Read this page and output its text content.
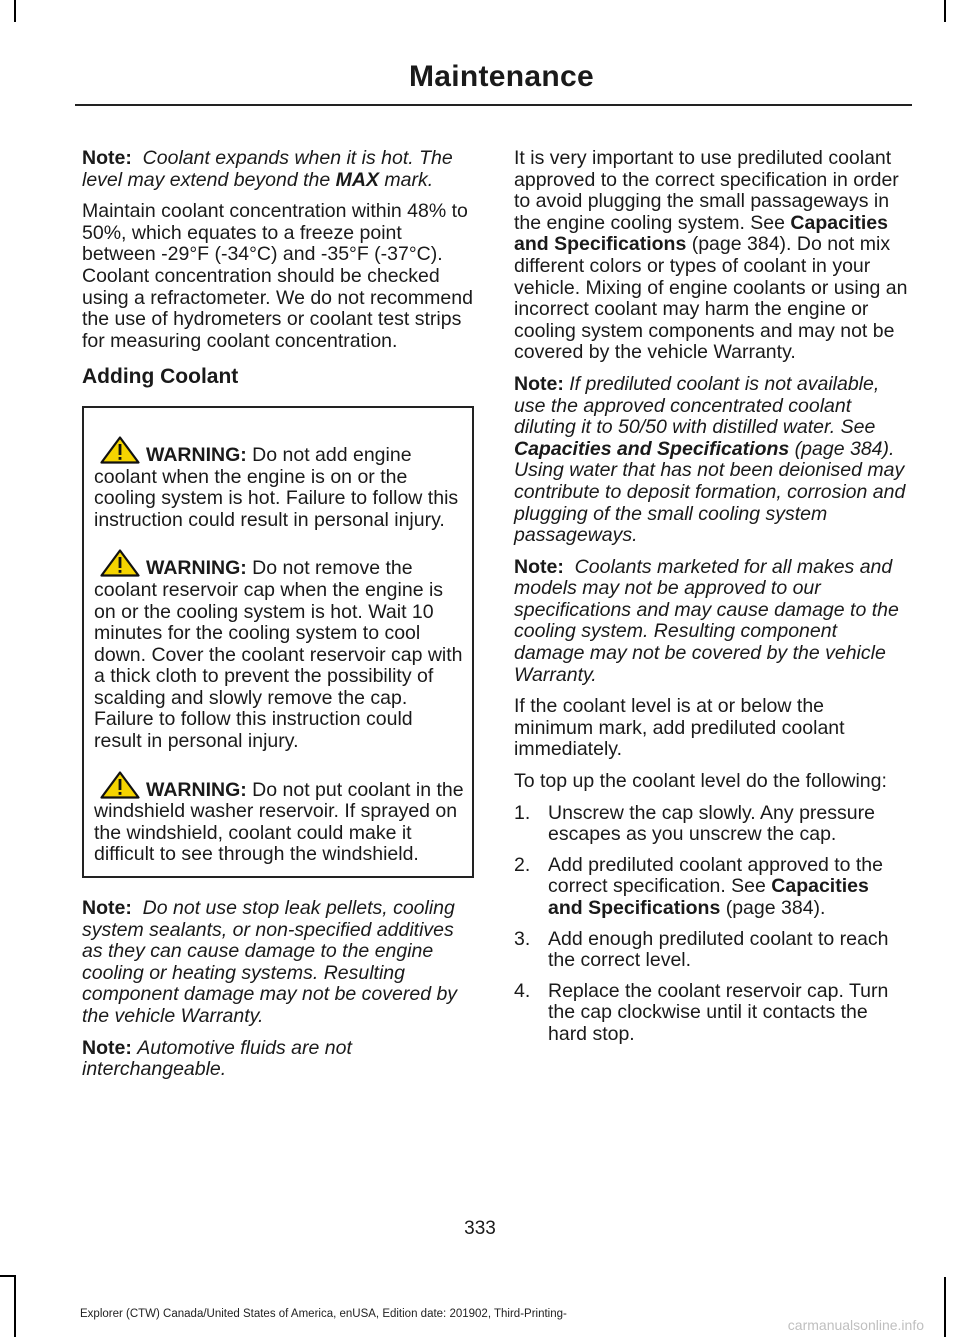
Maintenance

Note: Coolant expands when it is hot. The level may extend beyond the MAX mark.

Maintain coolant concentration within 48% to 50%, which equates to a freeze point between -29°F (-34°C) and -35°F (-37°C). Coolant concentration should be checked using a refractometer. We do not recommend the use of hydrometers or coolant test strips for measuring coolant concentration.

Adding Coolant

WARNING: Do not add engine coolant when the engine is on or the cooling system is hot. Failure to follow this instruction could result in personal injury.

WARNING: Do not remove the coolant reservoir cap when the engine is on or the cooling system is hot. Wait 10 minutes for the cooling system to cool down. Cover the coolant reservoir cap with a thick cloth to prevent the possibility of scalding and slowly remove the cap. Failure to follow this instruction could result in personal injury.

WARNING: Do not put coolant in the windshield washer reservoir. If sprayed on the windshield, coolant could make it difficult to see through the windshield.

Note: Do not use stop leak pellets, cooling system sealants, or non-specified additives as they can cause damage to the engine cooling or heating systems. Resulting component damage may not be covered by the vehicle Warranty.

Note: Automotive fluids are not interchangeable.

It is very important to use prediluted coolant approved to the correct specification in order to avoid plugging the small passageways in the engine cooling system. See Capacities and Specifications (page 384). Do not mix different colors or types of coolant in your vehicle. Mixing of engine coolants or using an incorrect coolant may harm the engine or cooling system components and may not be covered by the vehicle Warranty.

Note: If prediluted coolant is not available, use the approved concentrated coolant diluting it to 50/50 with distilled water. See Capacities and Specifications (page 384). Using water that has not been deionised may contribute to deposit formation, corrosion and plugging of the small cooling system passageways.

Note: Coolants marketed for all makes and models may not be approved to our specifications and may cause damage to the cooling system. Resulting component damage may not be covered by the vehicle Warranty.

If the coolant level is at or below the minimum mark, add prediluted coolant immediately.

To top up the coolant level do the following:

1. Unscrew the cap slowly. Any pressure escapes as you unscrew the cap.
2. Add prediluted coolant approved to the correct specification. See Capacities and Specifications (page 384).
3. Add enough prediluted coolant to reach the correct level.
4. Replace the coolant reservoir cap. Turn the cap clockwise until it contacts the hard stop.
333
Explorer (CTW) Canada/United States of America, enUSA, Edition date: 201902, Third-Printing-
carmanualsonline.info
